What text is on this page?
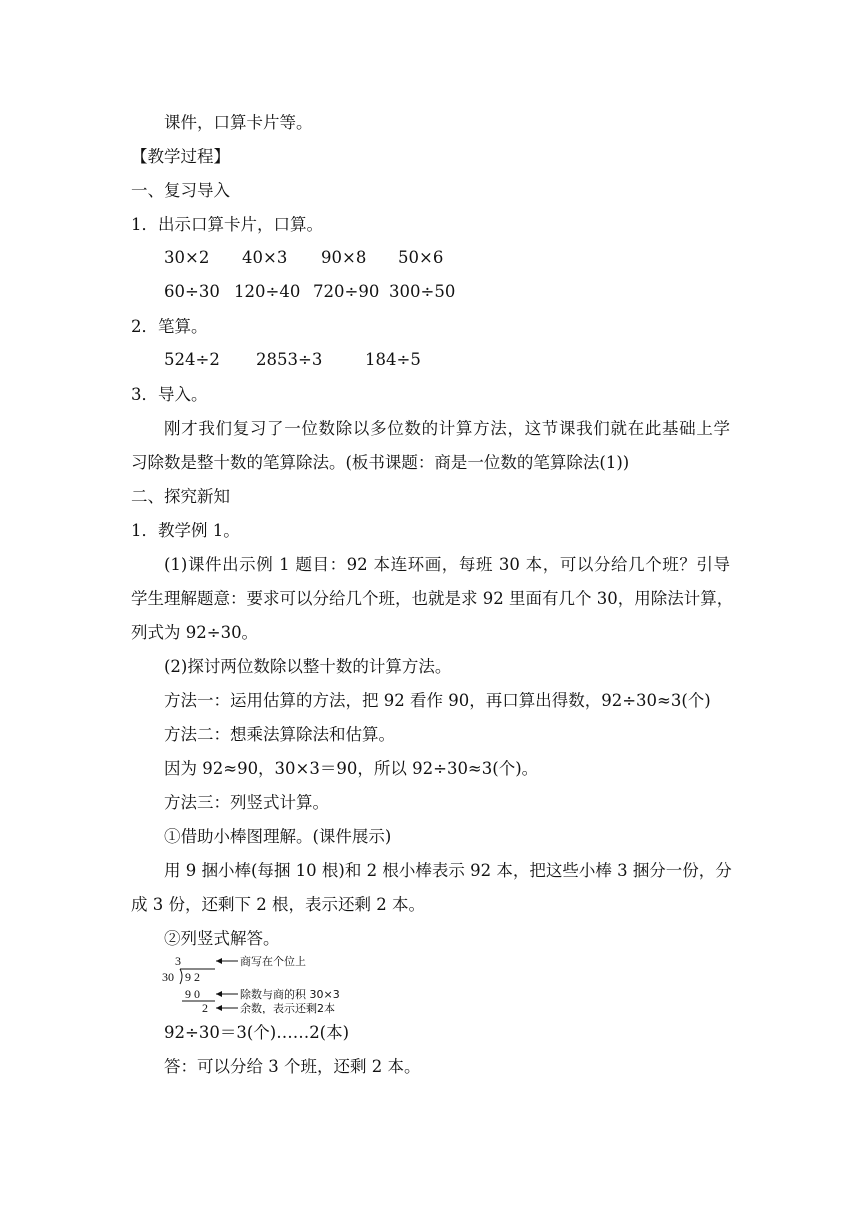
课件，口算卡片等。
【教学过程】
一、复习导入
1．出示口算卡片，口算。
30×2 40×3 90×8 50×6
60÷30 120÷40 720÷90 300÷50
2．笔算。
524÷2 2853÷3	184÷5
3．导入。
刚才我们复习了一位数除以多位数的计算方法，这节课我们就在此基础上学
习除数是整十数的笔算除法。(板书课题：商是一位数的笔算除法(1))
二、探究新知
1．教学例 1。
(1)课件出示例 1 题目：92 本连环画，每班 30 本，可以分给几个班？引导
学生理解题意：要求可以分给几个班，也就是求 92 里面有几个 30，用除法计算，
列式为 92÷30。
(2)探讨两位数除以整十数的计算方法。
方法一：运用估算的方法，把 92 看作 90，再口算出得数，92÷30≈3(个)
方法二：想乘法算除法和估算。
因为 92≈90，30×3＝90，所以 92÷30≈3(个)。
方法三：列竖式计算。
①借助小棒图理解。(课件展示)
用 9 捆小棒(每捆 10 根)和 2 根小棒表示 92 本，把这些小棒 3 捆分一份，分
成 3 份，还剩下 2 根，表示还剩 2 本。
②列竖式解答。
3
30 9 2
9 0
2
商写在个位上
除数与商的积 30×3
余数，表示还剩2本
92÷30＝3(个)……2(本)
答：可以分给 3 个班，还剩 2 本。
